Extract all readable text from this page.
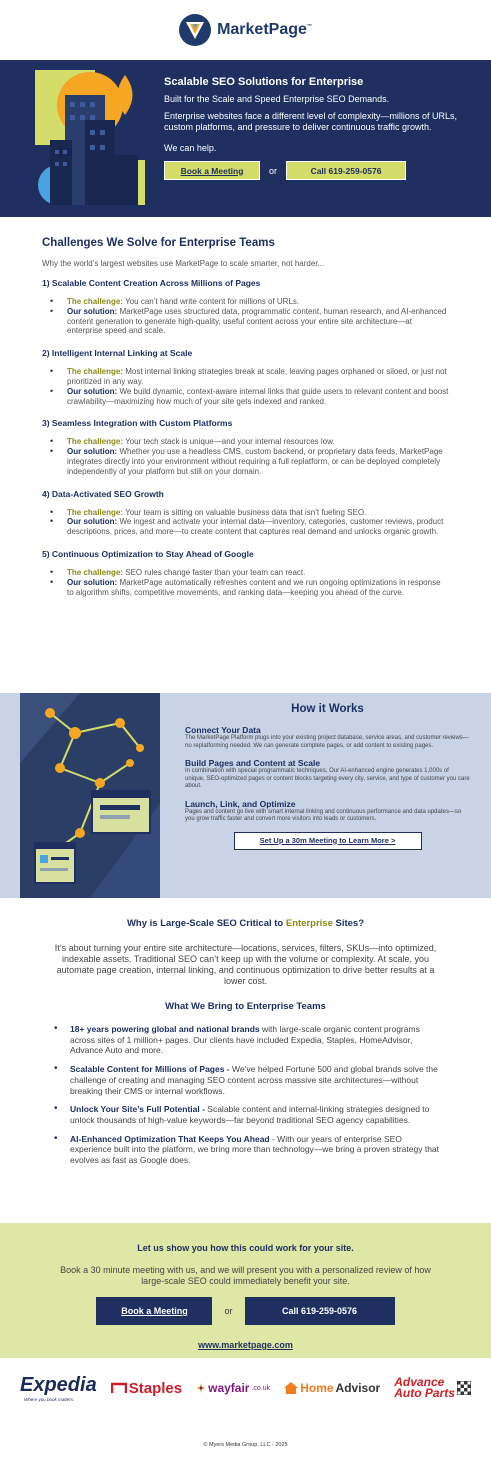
MarketPage™
Scalable SEO Solutions for Enterprise
Built for the Scale and Speed Enterprise SEO Demands.
Enterprise websites face a different level of complexity—millions of URLs, custom platforms, and pressure to deliver continuous traffic growth.
We can help.
Book a Meeting	or	Call 619-259-0576
Challenges We Solve for Enterprise Teams
Why the world’s largest websites use MarketPage to scale smarter, not harder...
1) Scalable Content Creation Across Millions of Pages
• The challenge: You can’t hand write content for millions of URLs.
• Our solution: MarketPage uses structured data, programmatic content, human research, and AI-enhanced content generation to generate high-quality, useful content across your entire site architecture—at enterprise speed and scale.
2) Intelligent Internal Linking at Scale
• The challenge: Most internal linking strategies break at scale, leaving pages orphaned or siloed, or just not prioritized in any way.
• Our solution: We build dynamic, context-aware internal links that guide users to relevant content and boost crawlability—maximizing how much of your site gets indexed and ranked.
3) Seamless Integration with Custom Platforms
• The challenge: Your tech stack is unique—and your internal resources low.
• Our solution: Whether you use a headless CMS, custom backend, or proprietary data feeds, MarketPage integrates directly into your environment without requiring a full replatform, or can be deployed completely independently of your platform but still on your domain.
4) Data-Activated SEO Growth
• The challenge: Your team is sitting on valuable business data that isn’t fueling SEO.
• Our solution: We ingest and activate your internal data—inventory, categories, customer reviews, product descriptions, prices, and more—to create content that captures real demand and unlocks organic growth.
5) Continuous Optimization to Stay Ahead of Google
• The challenge: SEO rules change faster than your team can react.
• Our solution: MarketPage automatically refreshes content and we run ongoing optimizations in response to algorithm shifts, competitive movements, and ranking data—keeping you ahead of the curve.
How it Works
Connect Your Data
The MarketPage Platform plugs into your existing project database, service areas, and customer reviews—no replatforming needed. We can generate complete pages, or add content to existing pages.
Build Pages and Content at Scale
In combination with special programmatic techniques, Our AI-enhanced engine generates 1,000s of unique, SEO-optimized pages or content blocks targeting every city, service, and type of customer you care about.
Launch, Link, and Optimize
Pages and content go live with smart internal linking and continuous performance and data updates—so you grow traffic faster and convert more visitors into leads or customers.
Set Up a 30m Meeting to Learn More >
Why is Large-Scale SEO Critical to Enterprise Sites?
It’s about turning your entire site architecture—locations, services, filters, SKUs—into optimized, indexable assets. Traditional SEO can’t keep up with the volume or complexity. At scale, you automate page creation, internal linking, and continuous optimization to drive better results at a lower cost.
What We Bring to Enterprise Teams
• 18+ years powering global and national brands with large-scale organic content programs across sites of 1 million+ pages. Our clients have included Expedia, Staples, HomeAdvisor, Advance Auto and more.
• Scalable Content for Millions of Pages - We’ve helped Fortune 500 and global brands solve the challenge of creating and managing SEO content across massive site architectures—without breaking their CMS or internal workflows.
• Unlock Your Site’s Full Potential - Scalable content and internal-linking strategies designed to unlock thousands of high-value keywords—far beyond traditional SEO agency capabilities.
• AI-Enhanced Optimization That Keeps You Ahead - With our years of enterprise SEO experience built into the platform, we bring more than technology—we bring a proven strategy that evolves as fast as Google does.
Let us show you how this could work for your site.
Book a 30 minute meeting with us, and we will present you with a personalized review of how large-scale SEO could immediately benefit your site.
Book a Meeting	or	Call 619-259-0576
www.marketpage.com
Expedia
Where you book matters.
Staples wayfair .co.uk	Home Advisor Advance
Auto Parts
© Myers Media Group, LLC - 2025
